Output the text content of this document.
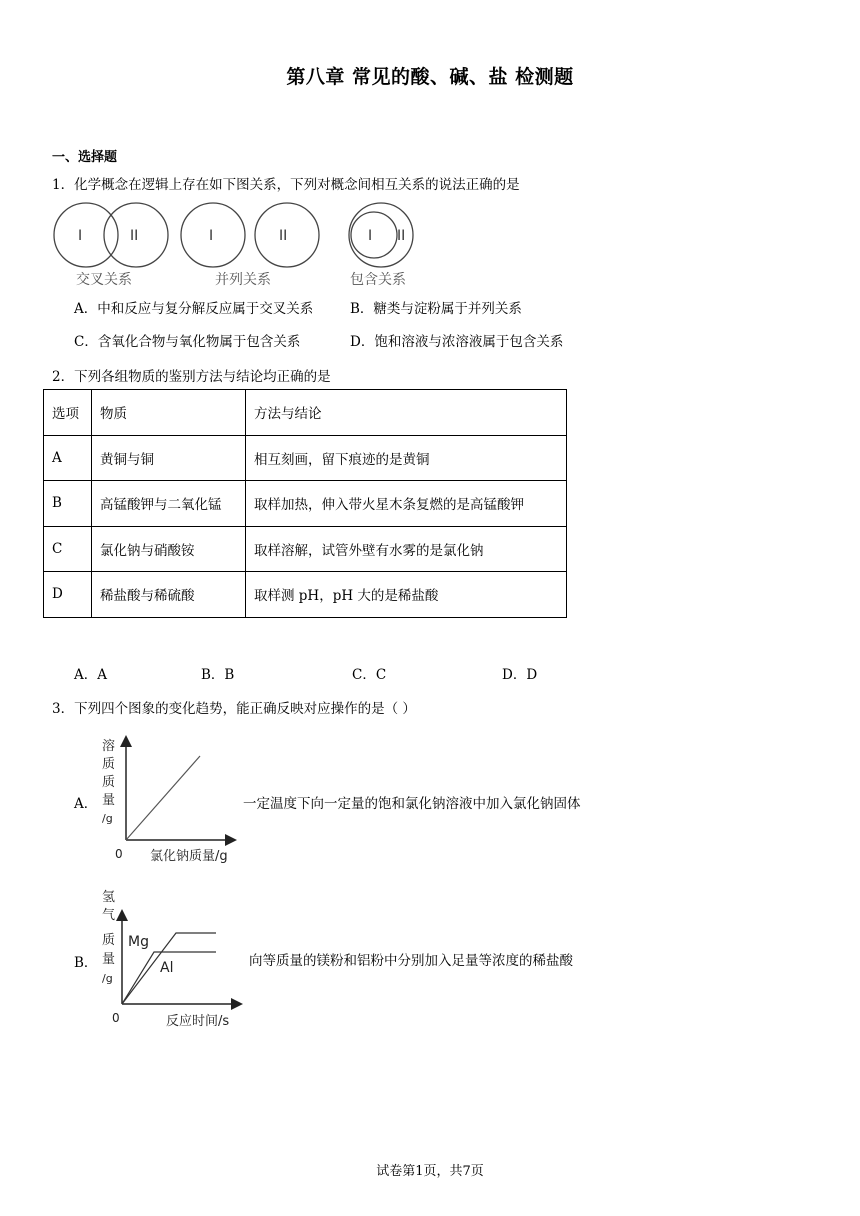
第八章 常见的酸、碱、盐 检测题
一、选择题
1．化学概念在逻辑上存在如下图关系，下列对概念间相互关系的说法正确的是
I	II	I	II	I II
交叉关系	并列关系	包含关系
A．中和反应与复分解反应属于交叉关系	B．糖类与淀粉属于并列关系
C．含氧化合物与氧化物属于包含关系	D．饱和溶液与浓溶液属于包含关系
2．下列各组物质的鉴别方法与结论均正确的是
选项	物质	方法与结论
A	黄铜与铜	相互刻画，留下痕迹的是黄铜
B	高锰酸钾与二氧化锰	取样加热，伸入带火星木条复燃的是高锰酸钾
C	氯化钠与硝酸铵	取样溶解，试管外壁有水雾的是氯化钠
D	稀盐酸与稀硫酸	取样测 pH，pH 大的是稀盐酸
A．A	B．B	C．C	D．D
3．下列四个图象的变化趋势，能正确反映对应操作的是（ ）
A．
溶
质
质
量
/g
0 氯化钠质量/g
一定温度下向一定量的饱和氯化钠溶液中加入氯化钠固体
B．
氢
气
质
量
/g
Mg
Al
0	反应时间/s
向等质量的镁粉和铝粉中分别加入足量等浓度的稀盐酸
试卷第1页，共7页
